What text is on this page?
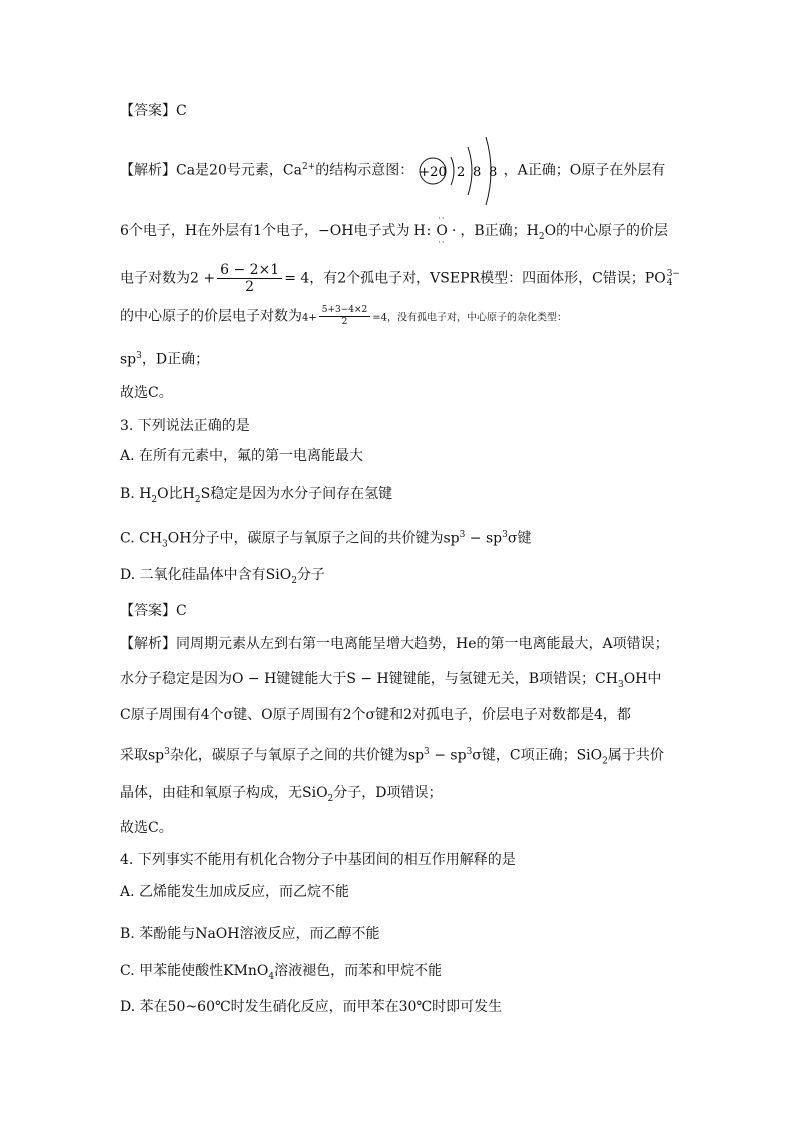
【答案】C
【解析】Ca是20号元素，$Ca^{2+}$的结构示意图： +20 2 8 8 ，A正确；O原子在外层有
6个电子，H在外层有1个电子，−OH电子式为 H:
··
O
··
· ，B正确；$H_2O$的中心原子的价层
电子对数为$2 + \frac{6 - 2\times 1}{2} = 4$，有2个孤电子对，VSEPR模型：四面体形，C错误；PO 3−
4
的中心原子的价层电子对数为$4+ \frac{5+3-4\times 2}{2} =4$，没有孤电子对，中心原子的杂化类型：
$sp^3$，D正确；
故选C。
3. 下列说法正确的是
A. 在所有元素中，氟的第一电离能最大
B. $H_2O$比$H_2S$稳定是因为水分子间存在氢键
C. $CH_3OH$分子中，碳原子与氧原子之间的共价键为$sp^3 - sp^3\sigma$键
D. 二氧化硅晶体中含有SiO$_2$分子
【答案】C
【解析】同周期元素从左到右第一电离能呈增大趋势，He的第一电离能最大，A项错误；
水分子稳定是因为O − H键键能大于S − H键键能，与氢键无关，B项错误；$CH_3OH$中
C原子周围有4个σ键、O原子周围有2个σ键和2对孤电子，价层电子对数都是4，都
采取$sp^3$杂化，碳原子与氧原子之间的共价键为$sp^3 - sp^3\sigma$键，C项正确；SiO$_2$属于共价
晶体，由硅和氧原子构成，无SiO$_2$分子，D项错误；
故选C。
4. 下列事实不能用有机化合物分子中基团间的相互作用解释的是
A. 乙烯能发生加成反应，而乙烷不能
B. 苯酚能与NaOH溶液反应，而乙醇不能
C. 甲苯能使酸性KMnO$_4$溶液褪色，而苯和甲烷不能
D. 苯在50~60℃时发生硝化反应，而甲苯在30℃时即可发生
